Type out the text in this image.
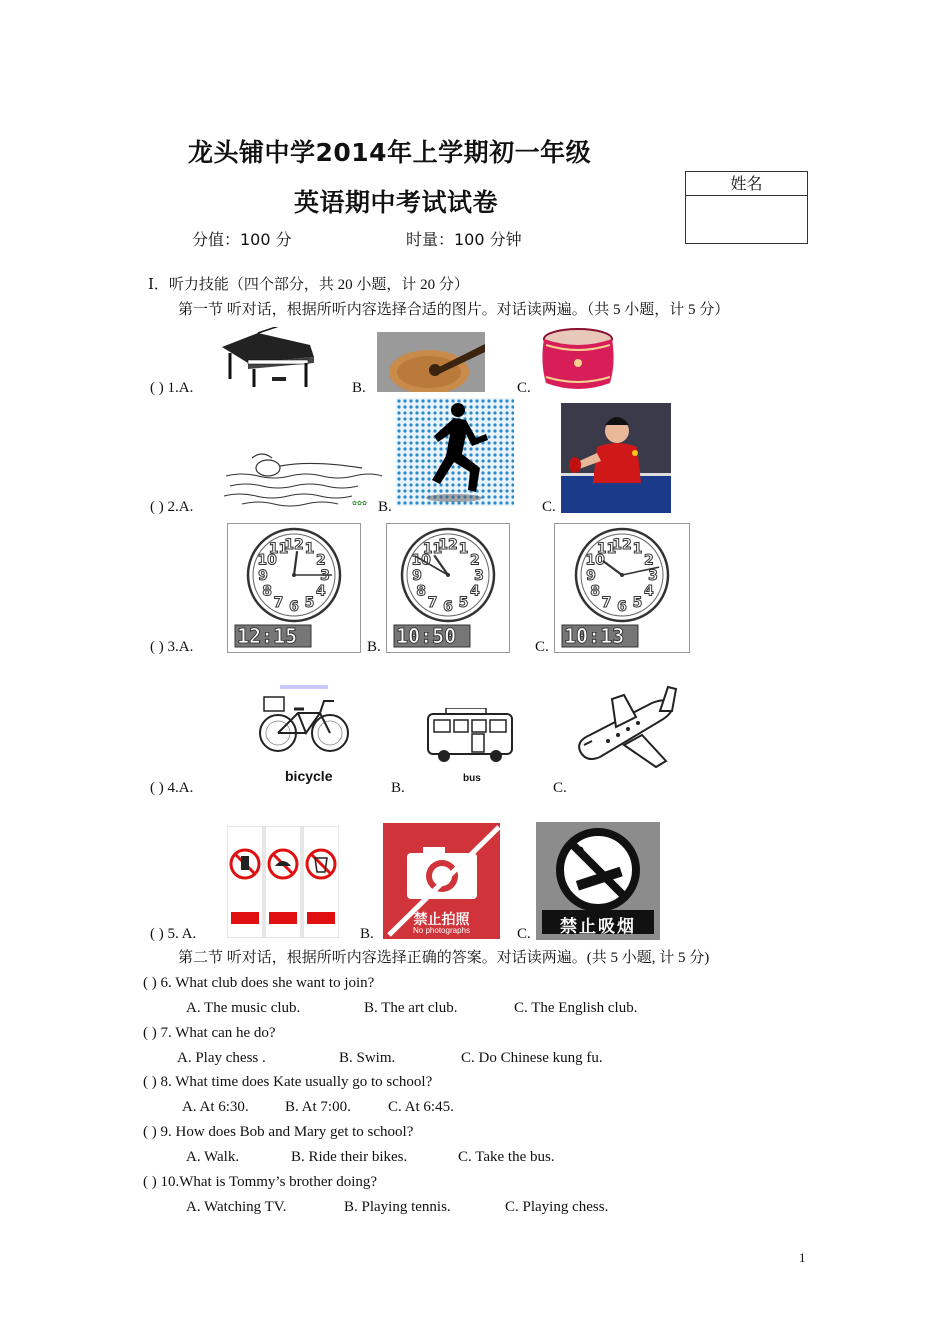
龙头铺中学2014年上学期初一年级
英语期中考试试卷
分值：100 分	时量：100 分钟
姓名
Ⅰ．听力技能（四个部分，共 20 小题，计 20 分）
第一节 听对话，根据所听内容选择合适的图片。对话读两遍。（共 5 小题，计 5 分）
( ) 1.A.	B.	C.
( ) 2.A.	B.	C.
✿✿✿
( ) 3.A.	B.	C.
1
2
3
4
5
6
7
8
9
10
11
12
12:15
1
2
3
4
5
6
7
8
9
10
11
12
10:50
1
2
3
4
5
6
7
8
9
10
11
12
10:13
( ) 4.A.	B.	C.
bicycle	bus
( ) 5. A.	B.	C.
禁止拍照
No photographs	禁止吸烟
第二节 听对话，根据所听内容选择正确的答案。对话读两遍。(共 5 小题, 计 5 分)
( ) 6. What club does she want to join?
A. The music club.	B. The art club.	C. The English club.
( ) 7. What can he do?
A. Play chess .	B. Swim.	C. Do Chinese kung fu.
( ) 8. What time does Kate usually go to school?
A. At 6:30. B. At 7:00. C. At 6:45.
( ) 9. How does Bob and Mary get to school?
A. Walk.	B. Ride their bikes.	C. Take the bus.
( ) 10.What is Tommy’s brother doing?
A. Watching TV.	B. Playing tennis.	C. Playing chess.
1
